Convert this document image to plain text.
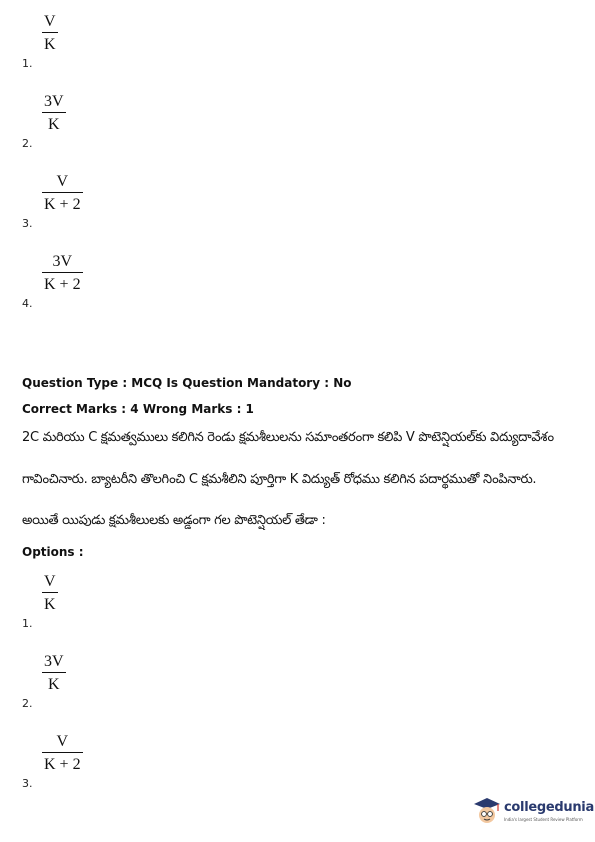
V
K
1.
3V
K
2.
V
K + 2
3.
3V
K + 2
4.
Question Type : MCQ Is Question Mandatory : No
Correct Marks : 4 Wrong Marks : 1
2C మరియు C క్షమత్వములు కలిగిన రెండు క్షమశీలులను సమాంతరంగా కలిపి V పొటెన్షియల్‌కు విద్యుదావేశం
గావించినారు. బ్యాటరీని తొలగించి C క్షమశీలిని పూర్తిగా K విద్యుత్ రోధము కలిగిన పదార్థముతో నింపినారు.
అయితే యిపుడు క్షమశీలులకు అడ్డంగా గల పొటెన్షియల్ తేడా :
Options :
V
K
1.
3V
K
2.
V
K + 2
3.
collegedunia
India's largest Student Review Platform
